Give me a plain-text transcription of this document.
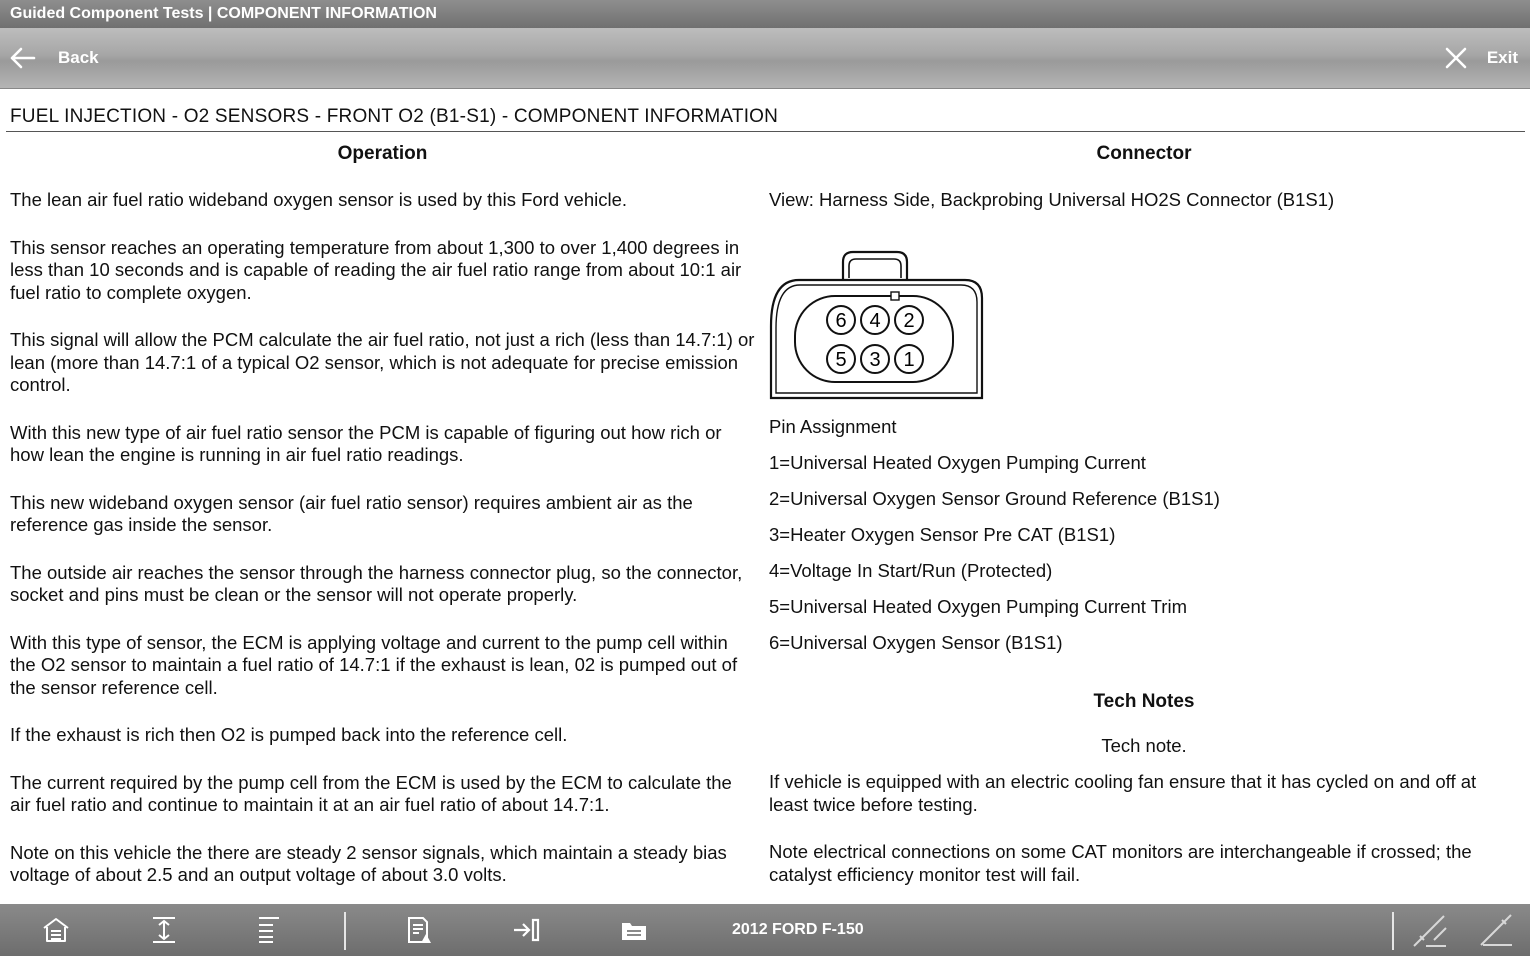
Guided Component Tests | COMPONENT INFORMATION
Back	Exit
FUEL INJECTION - O2 SENSORS - FRONT O2 (B1-S1) - COMPONENT INFORMATION
Operation

The lean air fuel ratio wideband oxygen sensor is used by this Ford vehicle.

This sensor reaches an operating temperature from about 1,300 to over 1,400 degrees in less than 10 seconds and is capable of reading the air fuel ratio range from about 10:1 air fuel ratio to complete oxygen.

This signal will allow the PCM calculate the air fuel ratio, not just a rich (less than 14.7:1) or lean (more than 14.7:1 of a typical O2 sensor, which is not adequate for precise emission control.

With this new type of air fuel ratio sensor the PCM is capable of figuring out how rich or how lean the engine is running in air fuel ratio readings.

This new wideband oxygen sensor (air fuel ratio sensor) requires ambient air as the reference gas inside the sensor.

The outside air reaches the sensor through the harness connector plug, so the connector, socket and pins must be clean or the sensor will not operate properly.

With this type of sensor, the ECM is applying voltage and current to the pump cell within the O2 sensor to maintain a fuel ratio of 14.7:1 if the exhaust is lean, 02 is pumped out of the sensor reference cell.

If the exhaust is rich then O2 is pumped back into the reference cell.

The current required by the pump cell from the ECM is used by the ECM to calculate the air fuel ratio and continue to maintain it at an air fuel ratio of about 14.7:1.

Note on this vehicle the there are steady 2 sensor signals, which maintain a steady bias voltage of about 2.5 and an output voltage of about 3.0 volts.

Connector
View: Harness Side, Backprobing Universal HO2S Connector (B1S1)
6 4 2
5 3 1
Pin Assignment
1=Universal Heated Oxygen Pumping Current
2=Universal Oxygen Sensor Ground Reference (B1S1)
3=Heater Oxygen Sensor Pre CAT (B1S1)
4=Voltage In Start/Run (Protected)
5=Universal Heated Oxygen Pumping Current Trim
6=Universal Oxygen Sensor (B1S1)
Tech Notes
Tech note.

If vehicle is equipped with an electric cooling fan ensure that it has cycled on and off at least twice before testing.

Note electrical connections on some CAT monitors are interchangeable if crossed; the catalyst efficiency monitor test will fail.

2012 FORD F-150
